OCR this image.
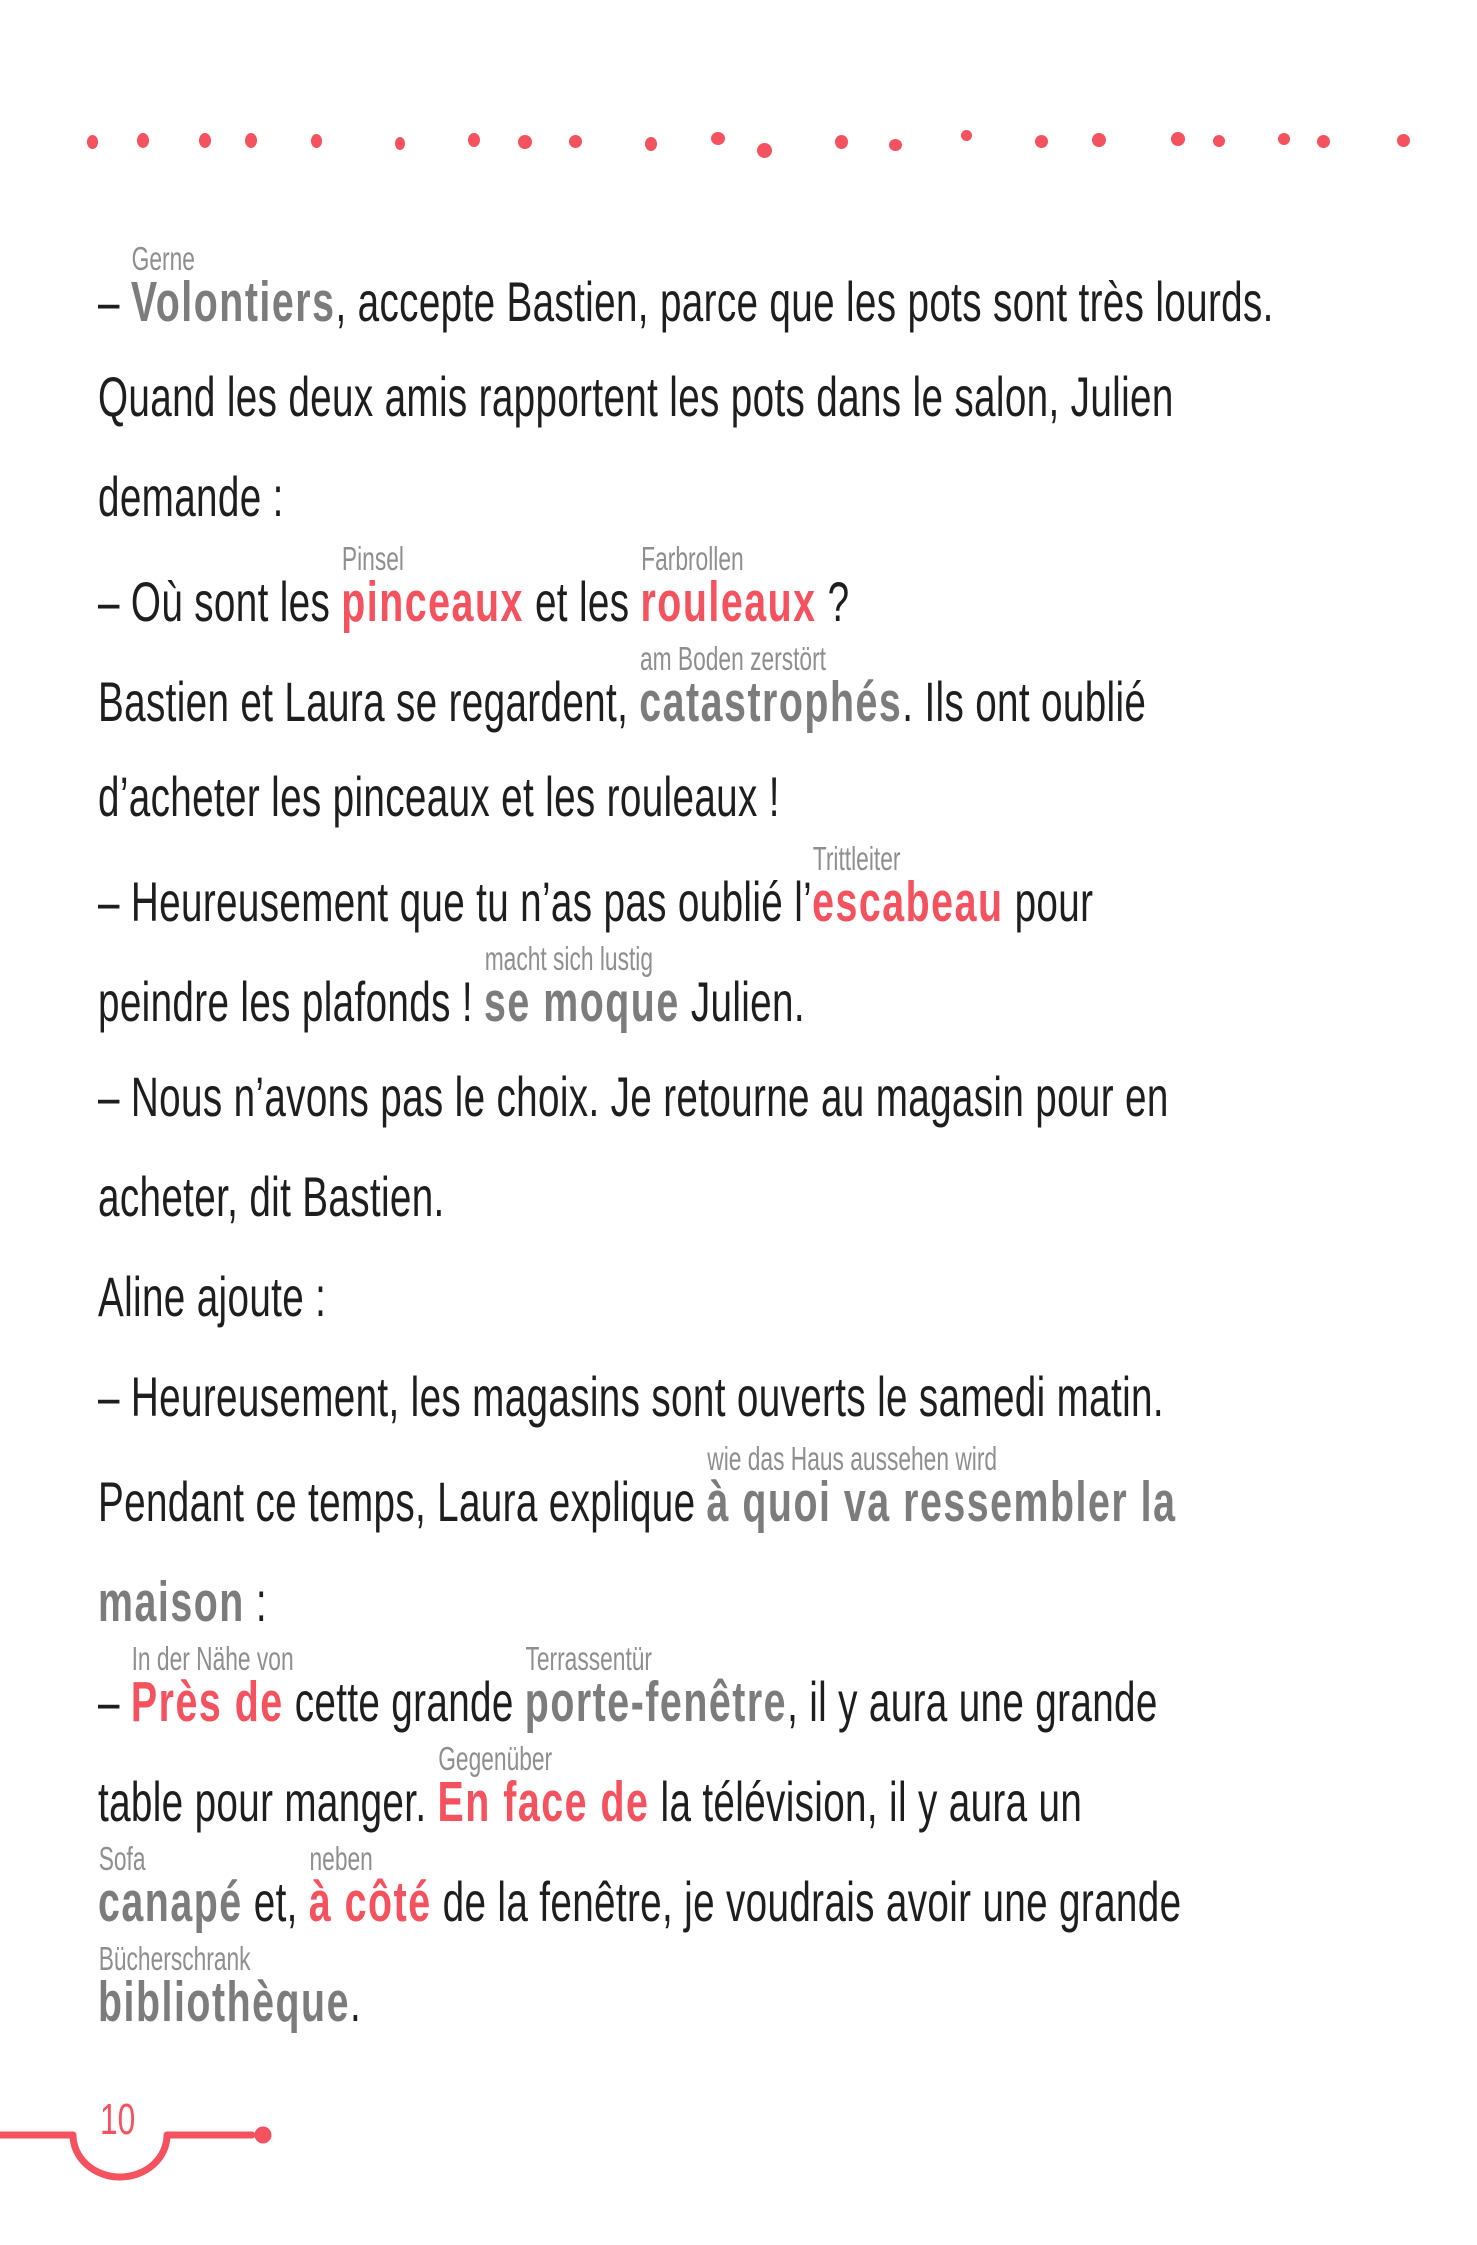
–
Gerne
Volontiers, accepte Bastien, parce que les pots sont très lourds.
Quand les deux amis rapportent les pots dans le salon, Julien
demande :
– Où sont les
Pinsel
pinceaux et les
Farbrollen
rouleaux ?
Bastien et Laura se regardent,
am Boden zerstört
catastrophés. Ils ont oublié
d’acheter les pinceaux et les rouleaux !
– Heureusement que tu n’as pas oublié l’
Trittleiter
escabeau pour
peindre les plafonds !
macht sich lustig
se moque Julien.
– Nous n’avons pas le choix. Je retourne au magasin pour en
acheter, dit Bastien.
Aline ajoute :
– Heureusement, les magasins sont ouverts le samedi matin.
Pendant ce temps, Laura explique
wie das Haus aussehen wird
à quoi va ressembler la
maison :
–
In der Nähe von
Près de cette grande
Terrassentür
porte-fenêtre, il y aura une grande
table pour manger.
Gegenüber
En face de la télévision, il y aura un
Sofa
canapé et,
neben
à côté de la fenêtre, je voudrais avoir une grande
Bücherschrank
bibliothèque.
10
